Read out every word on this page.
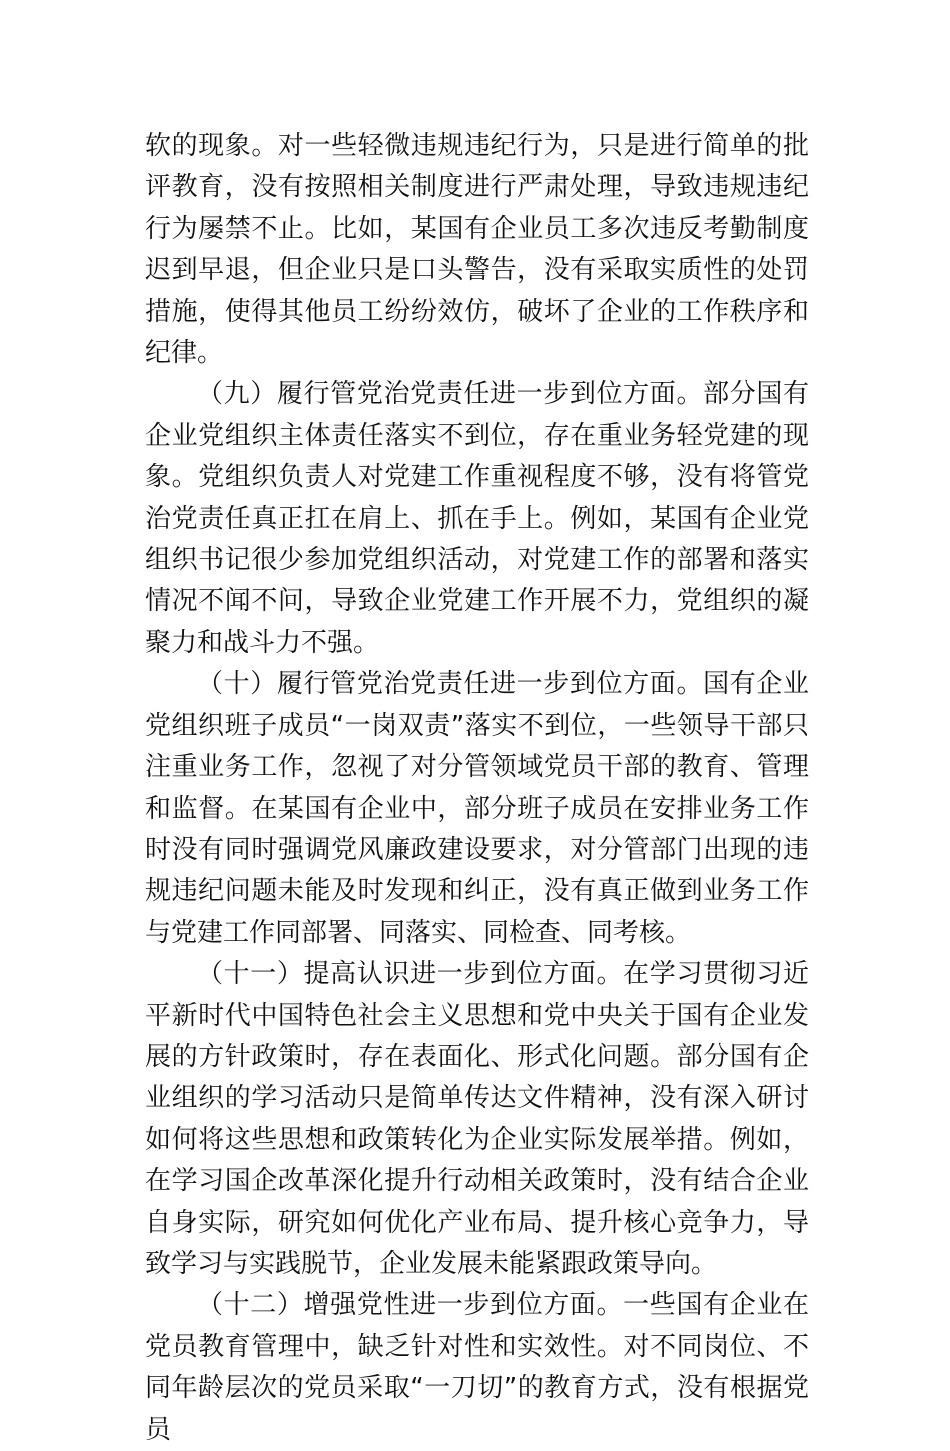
软的现象。对一些轻微违规违纪行为，只是进行简单的批评教育，没有按照相关制度进行严肃处理，导致违规违纪行为屡禁不止。比如，某国有企业员工多次违反考勤制度迟到早退，但企业只是口头警告，没有采取实质性的处罚措施，使得其他员工纷纷效仿，破坏了企业的工作秩序和纪律。

（九）履行管党治党责任进一步到位方面。部分国有企业党组织主体责任落实不到位，存在重业务轻党建的现象。党组织负责人对党建工作重视程度不够，没有将管党治党责任真正扛在肩上、抓在手上。例如，某国有企业党组织书记很少参加党组织活动，对党建工作的部署和落实情况不闻不问，导致企业党建工作开展不力，党组织的凝聚力和战斗力不强。

（十）履行管党治党责任进一步到位方面。国有企业党组织班子成员“一岗双责”落实不到位，一些领导干部只注重业务工作，忽视了对分管领域党员干部的教育、管理和监督。在某国有企业中，部分班子成员在安排业务工作时没有同时强调党风廉政建设要求，对分管部门出现的违规违纪问题未能及时发现和纠正，没有真正做到业务工作与党建工作同部署、同落实、同检查、同考核。

（十一）提高认识进一步到位方面。在学习贯彻习近平新时代中国特色社会主义思想和党中央关于国有企业发展的方针政策时，存在表面化、形式化问题。部分国有企业组织的学习活动只是简单传达文件精神，没有深入研讨如何将这些思想和政策转化为企业实际发展举措。例如，在学习国企改革深化提升行动相关政策时，没有结合企业自身实际，研究如何优化产业布局、提升核心竞争力，导致学习与实践脱节，企业发展未能紧跟政策导向。

（十二）增强党性进一步到位方面。一些国有企业在党员教育管理中，缺乏针对性和实效性。对不同岗位、不同年龄层次的党员采取“一刀切”的教育方式，没有根据党员
